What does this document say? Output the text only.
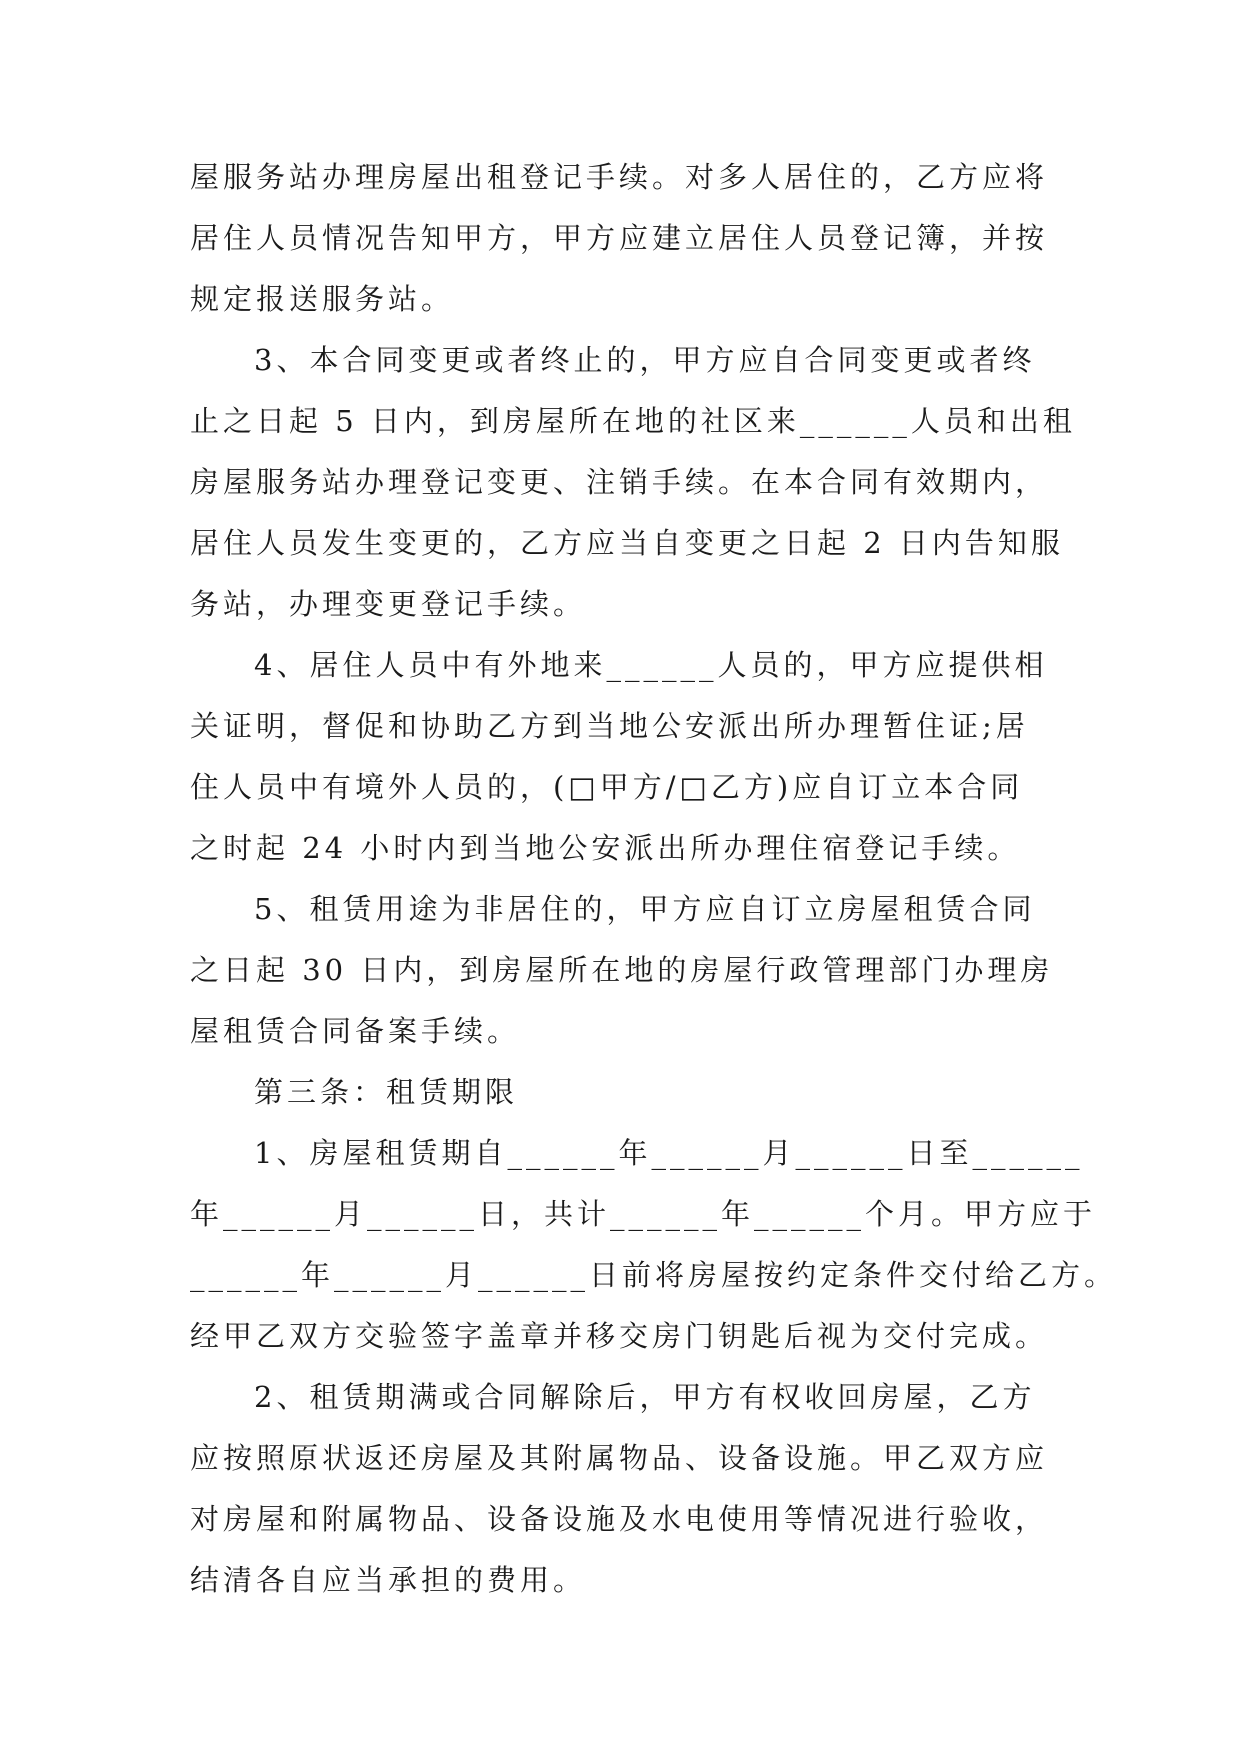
屋服务站办理房屋出租登记手续。对多人居住的，乙方应将
居住人员情况告知甲方，甲方应建立居住人员登记簿，并按
规定报送服务站。
3、本合同变更或者终止的，甲方应自合同变更或者终
止之日起 5 日内，到房屋所在地的社区来______人员和出租
房屋服务站办理登记变更、注销手续。在本合同有效期内，
居住人员发生变更的，乙方应当自变更之日起 2 日内告知服
务站，办理变更登记手续。
4、居住人员中有外地来______人员的，甲方应提供相
关证明，督促和协助乙方到当地公安派出所办理暂住证;居
住人员中有境外人员的，(□甲方/□乙方)应自订立本合同
之时起 24 小时内到当地公安派出所办理住宿登记手续。
5、租赁用途为非居住的，甲方应自订立房屋租赁合同
之日起 30 日内，到房屋所在地的房屋行政管理部门办理房
屋租赁合同备案手续。
第三条：租赁期限
1、房屋租赁期自______年______月______日至______
年______月______日，共计______年______个月。甲方应于
______年______月______日前将房屋按约定条件交付给乙方。
经甲乙双方交验签字盖章并移交房门钥匙后视为交付完成。
2、租赁期满或合同解除后，甲方有权收回房屋，乙方
应按照原状返还房屋及其附属物品、设备设施。甲乙双方应
对房屋和附属物品、设备设施及水电使用等情况进行验收，
结清各自应当承担的费用。
